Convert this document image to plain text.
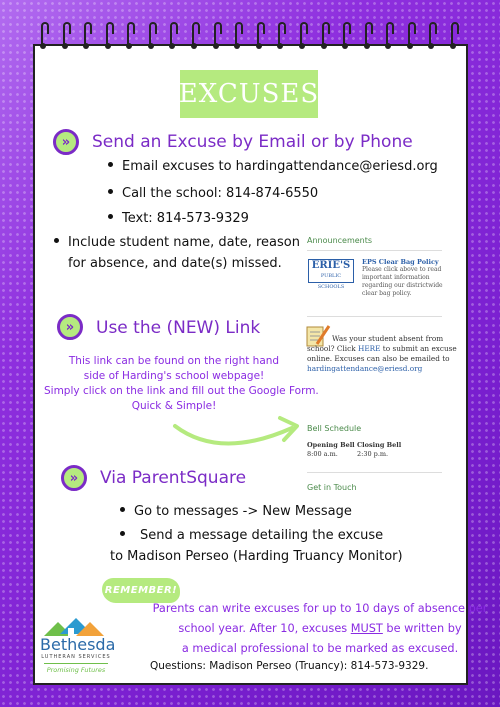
EXCUSES
»	Send an Excuse by Email or by Phone
Email excuses to hardingattendance@eriesd.org
Call the school: 814-874-6550
Text: 814-573-9329
Include student name, date, reason
for absence, and date(s) missed.
»	Use the (NEW) Link
This link can be found on the right hand
side of Harding's school webpage!
Simply click on the link and fill out the Google Form.
Quick & Simple!
»	Via ParentSquare
Go to messages -> New Message
Send a message detailing the excuse
to Madison Perseo (Harding Truancy Monitor)
Announcements
ERIE'S
PUBLIC SCHOOLS
EPS Clear Bag Policy
Please click above to read important information regarding our districtwide clear bag policy.
Was your student absent from
school? Click HERE to submit an excuse
online. Excuses can also be emailed to
hardingattendance@eriesd.org
Bell Schedule
Opening Bell Closing Bell
8:00 a.m.	2:30 p.m.
Get in Touch
REMEMBER!
Parents can write excuses for up to 10 days of absence per
school year. After 10, excuses MUST be written by
a medical professional to be marked as excused.
Bethesda
LUTHERAN SERVICES
Promising Futures	Questions: Madison Perseo (Truancy): 814-573-9329.
